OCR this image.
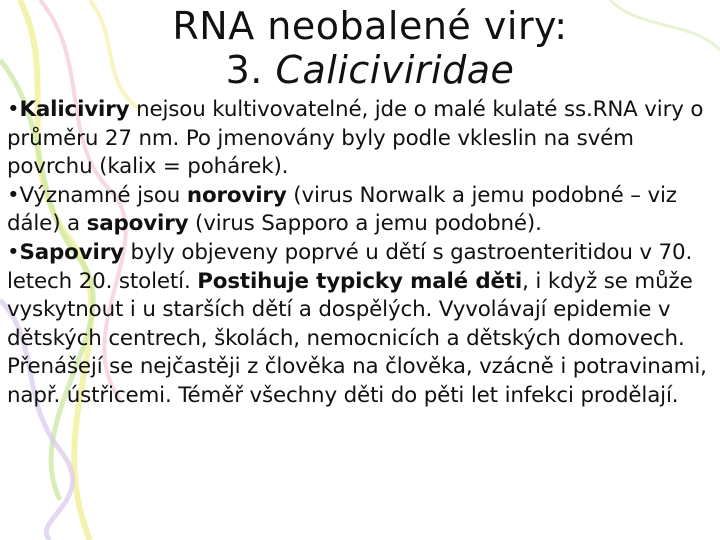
RNA neobalené viry:
3. Caliciviridae

•Kaliciviry nejsou kultivovatelné, jde o malé kulaté ss.RNA viry o průměru 27 nm. Po jmenovány byly podle vkleslin na svém povrchu (kalix = pohárek).

•Významné jsou noroviry (virus Norwalk a jemu podobné – viz dále) a sapoviry (virus Sapporo a jemu podobné).

•Sapoviry byly objeveny poprvé u dětí s gastroenteritidou v 70. letech 20. století. Postihuje typicky malé děti, i když se může vyskytnout i u starších dětí a dospělých. Vyvolávají epidemie v dětských centrech, školách, nemocnicích a dětských domovech. Přenášejí se nejčastěji z člověka na člověka, vzácně i potravinami, např. ústřicemi. Téměř všechny děti do pěti let infekci prodělají.
